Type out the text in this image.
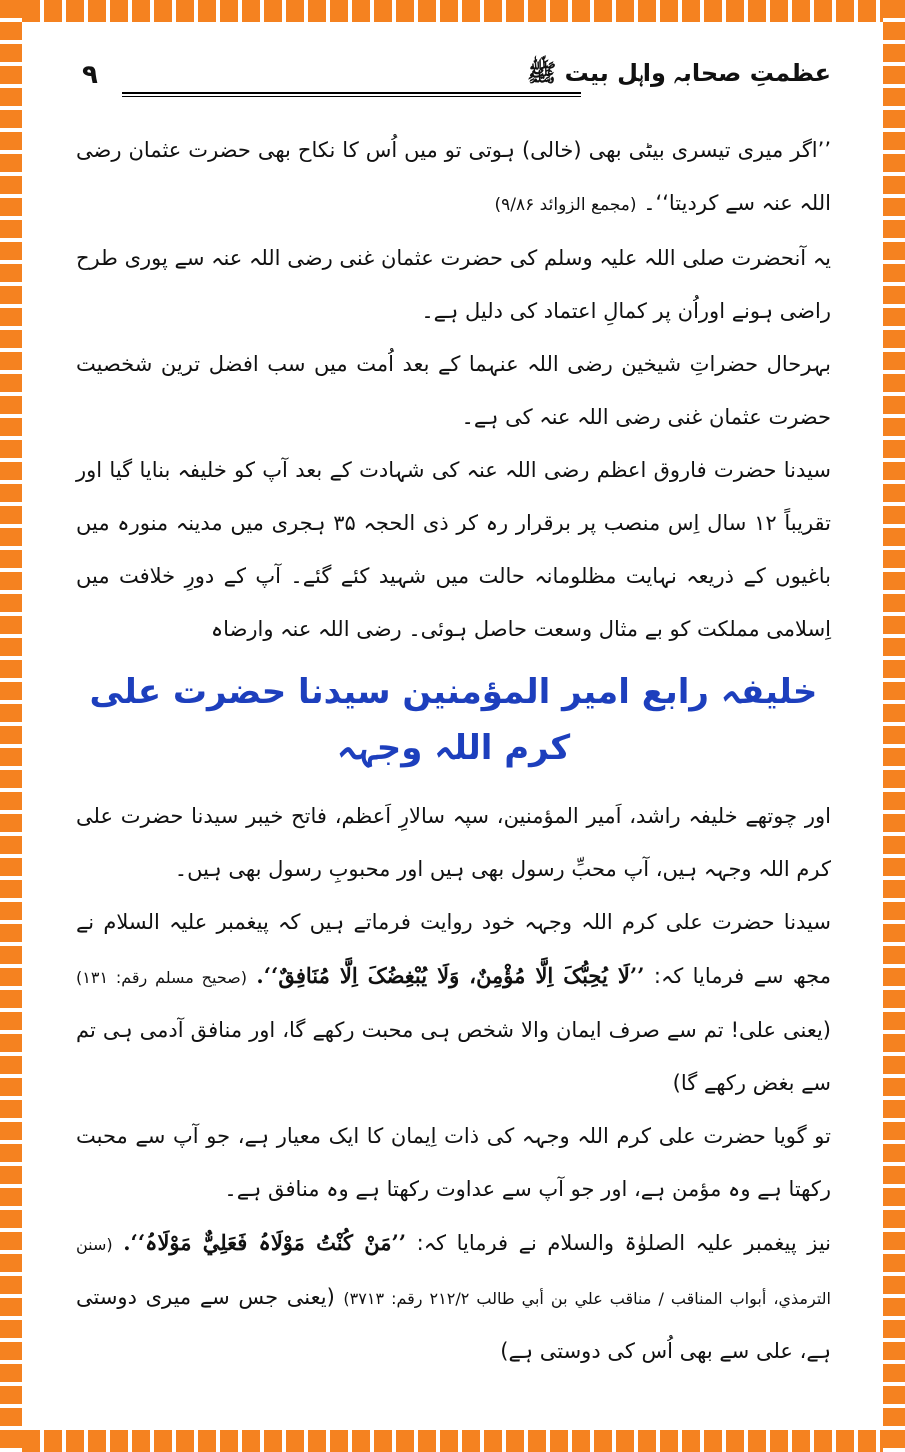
۹	عظمتِ صحابہ واہل بیت ﷺ

’’اگر میری تیسری بیٹی بھی (خالی) ہوتی تو میں اُس کا نکاح بھی حضرت عثمان رضی اللہ عنہ سے کردیتا‘‘۔ (مجمع الزوائد ۹/۸۶)

یہ آنحضرت صلی اللہ علیہ وسلم کی حضرت عثمان غنی رضی اللہ عنہ سے پوری طرح راضی ہونے اوراُن پر کمالِ اعتماد کی دلیل ہے۔

بہرحال حضراتِ شیخین رضی اللہ عنہما کے بعد اُمت میں سب افضل ترین شخصیت حضرت عثمان غنی رضی اللہ عنہ کی ہے۔

سیدنا حضرت فاروق اعظم رضی اللہ عنہ کی شہادت کے بعد آپ کو خلیفہ بنایا گیا اور تقریباً ۱۲ سال اِس منصب پر برقرار رہ کر ذی الحجہ ۳۵ ہجری میں مدینہ منورہ میں باغیوں کے ذریعہ نہایت مظلومانہ حالت میں شہید کئے گئے۔ آپ کے دورِ خلافت میں اِسلامی مملکت کو بے مثال وسعت حاصل ہوئی۔ رضی اللہ عنہ وارضاہ

خلیفہ رابع امیر المؤمنین سیدنا حضرت علی کرم اللہ وجہہ

اور چوتھے خلیفہ راشد، اَمیر المؤمنین، سپہ سالارِ اَعظم، فاتح خیبر سیدنا حضرت علی کرم اللہ وجہہ ہیں، آپ محبِّ رسول بھی ہیں اور محبوبِ رسول بھی ہیں۔

سیدنا حضرت علی کرم اللہ وجہہ خود روایت فرماتے ہیں کہ پیغمبر علیہ السلام نے مجھ سے فرمایا کہ: ’’لَا یُحِبُّکَ اِلَّا مُؤْمِنٌ، وَلَا یُبْغِضُکَ اِلَّا مُنَافِقٌ‘‘. (صحیح مسلم رقم: ۱۳۱) (یعنی علی! تم سے صرف ایمان والا شخص ہی محبت رکھے گا، اور منافق آدمی ہی تم سے بغض رکھے گا)

تو گویا حضرت علی کرم اللہ وجہہ کی ذات اِیمان کا ایک معیار ہے، جو آپ سے محبت رکھتا ہے وہ مؤمن ہے، اور جو آپ سے عداوت رکھتا ہے وہ منافق ہے۔

نیز پیغمبر علیہ الصلوٰۃ والسلام نے فرمایا کہ: ’’مَنْ کُنْتُ مَوْلَاہُ فَعَلِيٌّ مَوْلَاہُ‘‘. (سنن الترمذي، أبواب المناقب / مناقب علي بن أبي طالب ۲۱۲/۲ رقم: ۳۷۱۳) (یعنی جس سے میری دوستی ہے، علی سے بھی اُس کی دوستی ہے)
